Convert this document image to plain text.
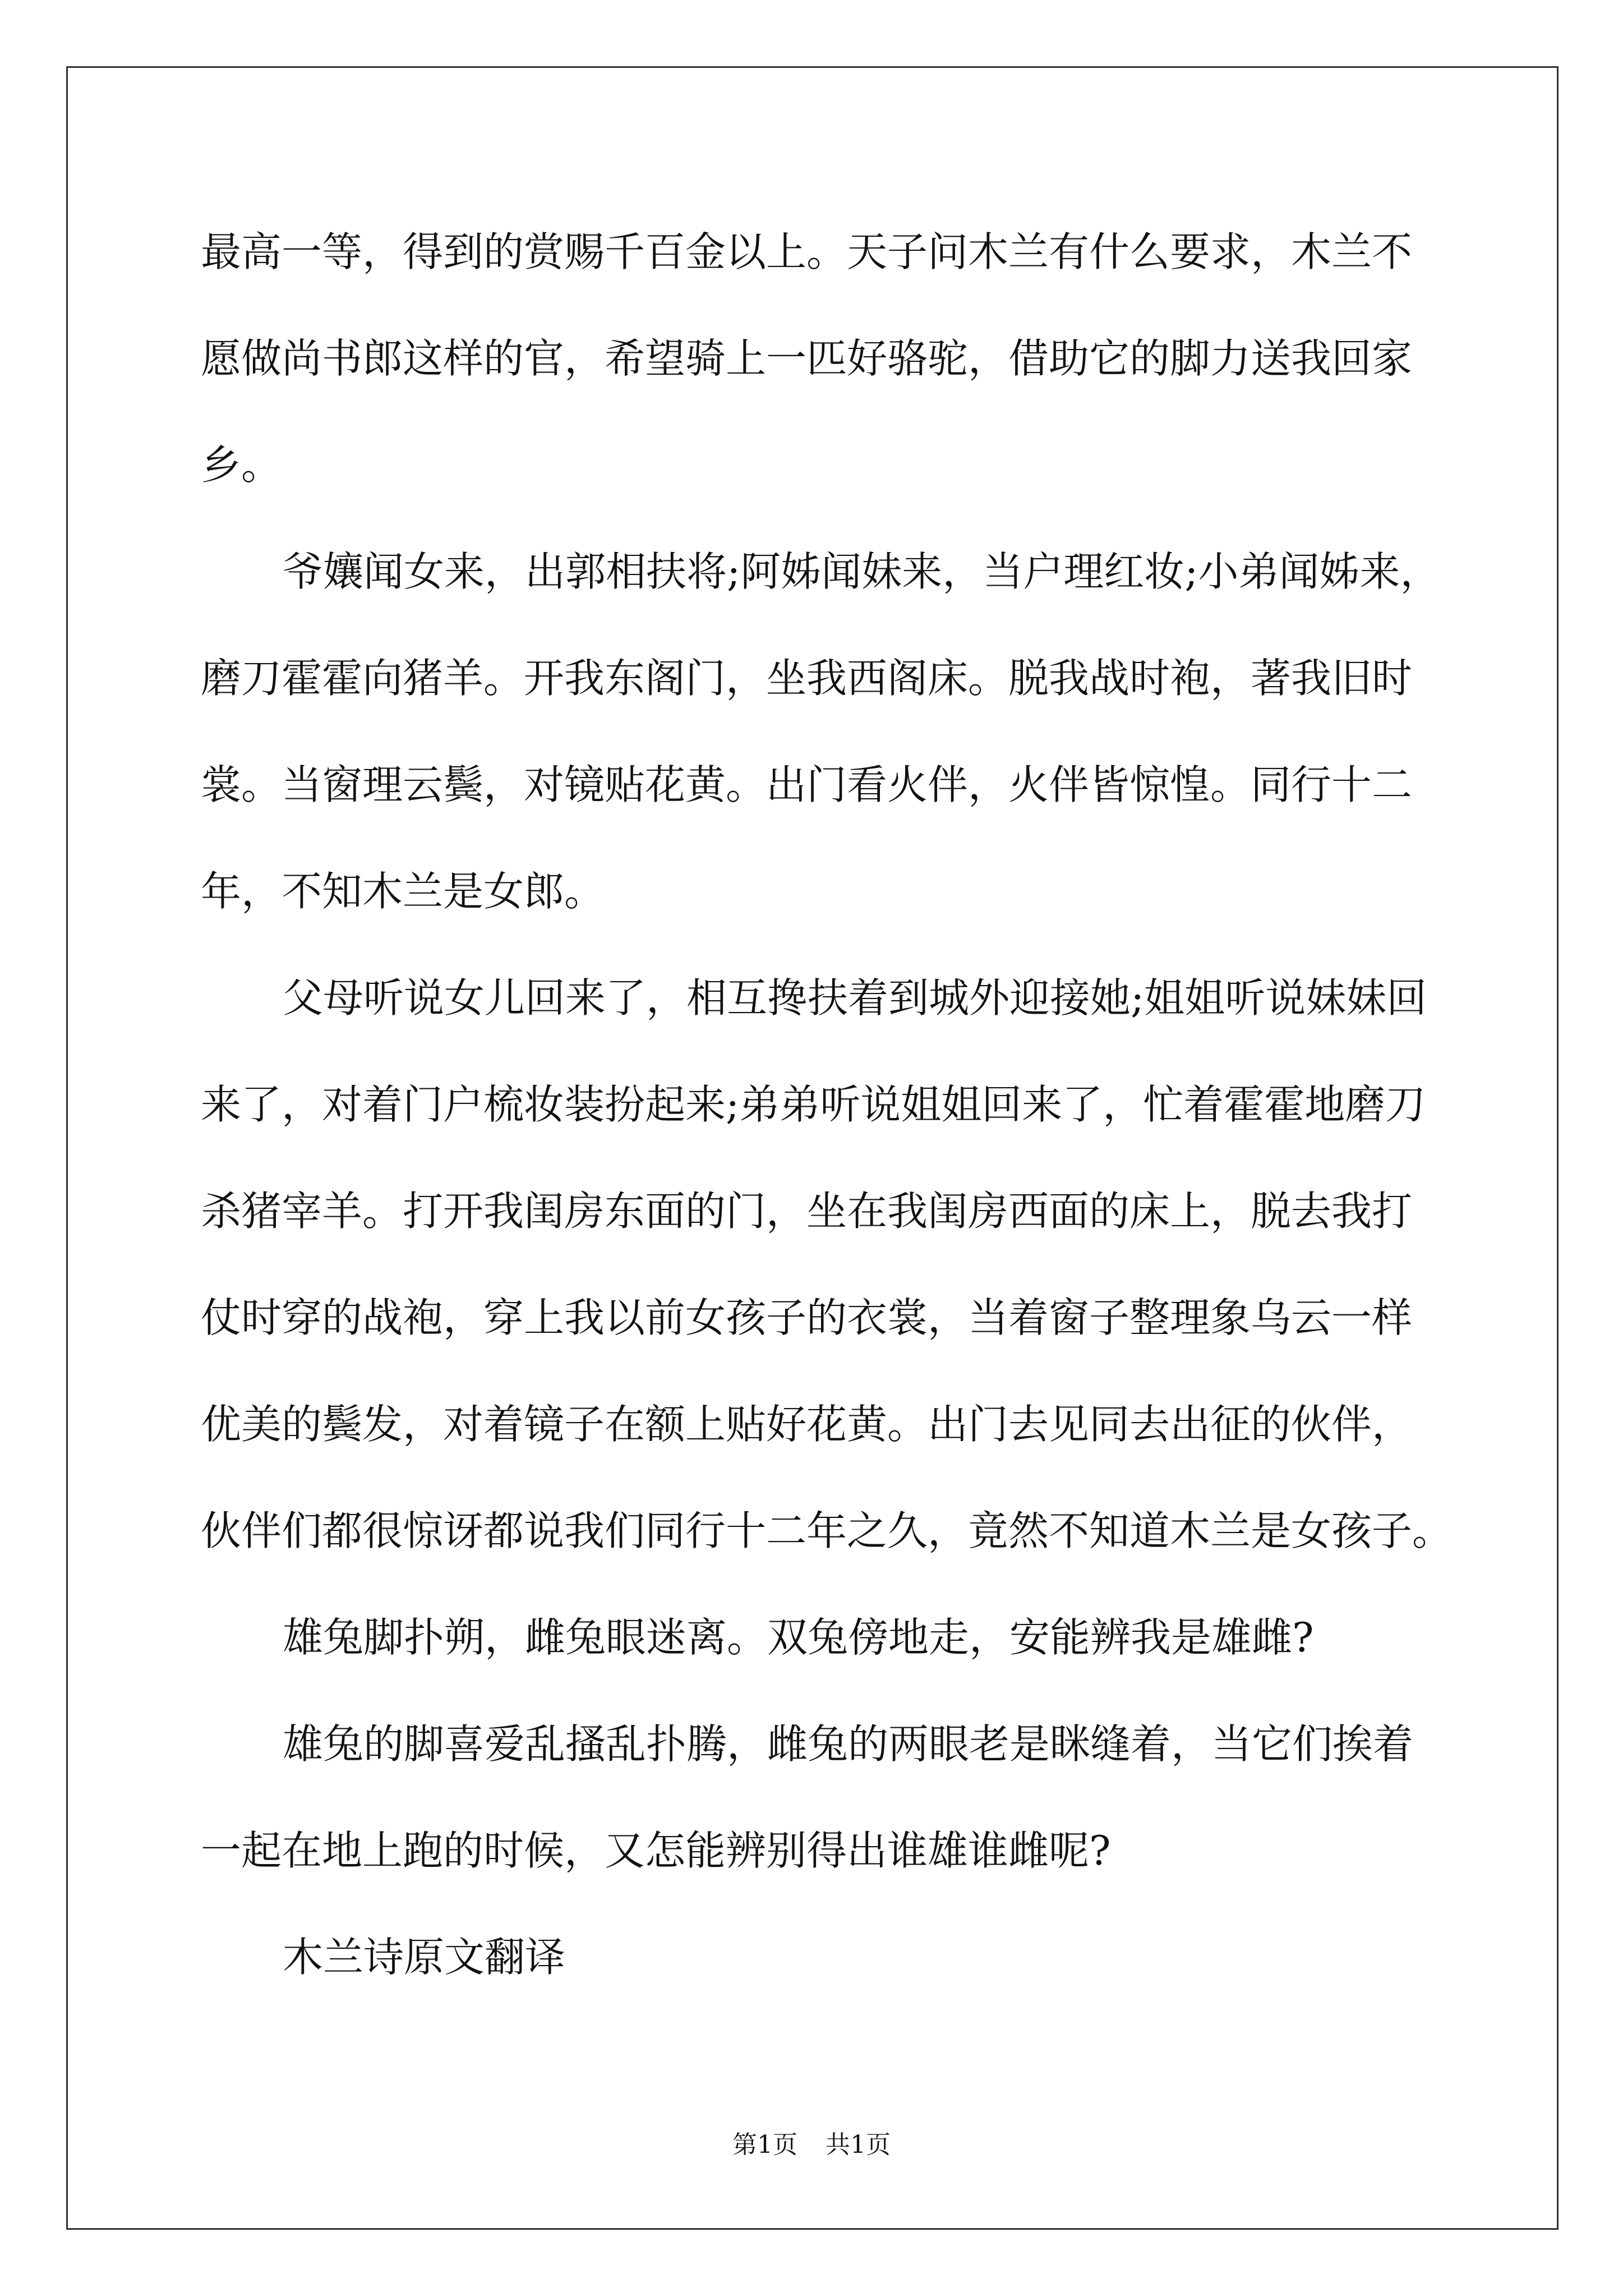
最高一等，得到的赏赐千百金以上。天子问木兰有什么要求，木兰不
愿做尚书郎这样的官，希望骑上一匹好骆驼，借助它的脚力送我回家
乡。
爷孃闻女来，出郭相扶将;阿姊闻妹来，当户理红妆;小弟闻姊来，
磨刀霍霍向猪羊。开我东阁门，坐我西阁床。脱我战时袍，著我旧时
裳。当窗理云鬓，对镜贴花黄。出门看火伴，火伴皆惊惶。同行十二
年，不知木兰是女郎。
父母听说女儿回来了，相互搀扶着到城外迎接她;姐姐听说妹妹回
来了，对着门户梳妆装扮起来;弟弟听说姐姐回来了，忙着霍霍地磨刀
杀猪宰羊。打开我闺房东面的门，坐在我闺房西面的床上，脱去我打
仗时穿的战袍，穿上我以前女孩子的衣裳，当着窗子整理象乌云一样
优美的鬓发，对着镜子在额上贴好花黄。出门去见同去出征的伙伴，
伙伴们都很惊讶都说我们同行十二年之久，竟然不知道木兰是女孩子。
雄兔脚扑朔，雌兔眼迷离。双兔傍地走，安能辨我是雄雌?
雄兔的脚喜爱乱搔乱扑腾，雌兔的两眼老是眯缝着，当它们挨着
一起在地上跑的时候，又怎能辨别得出谁雄谁雌呢?
木兰诗原文翻译
第1页 共1页
